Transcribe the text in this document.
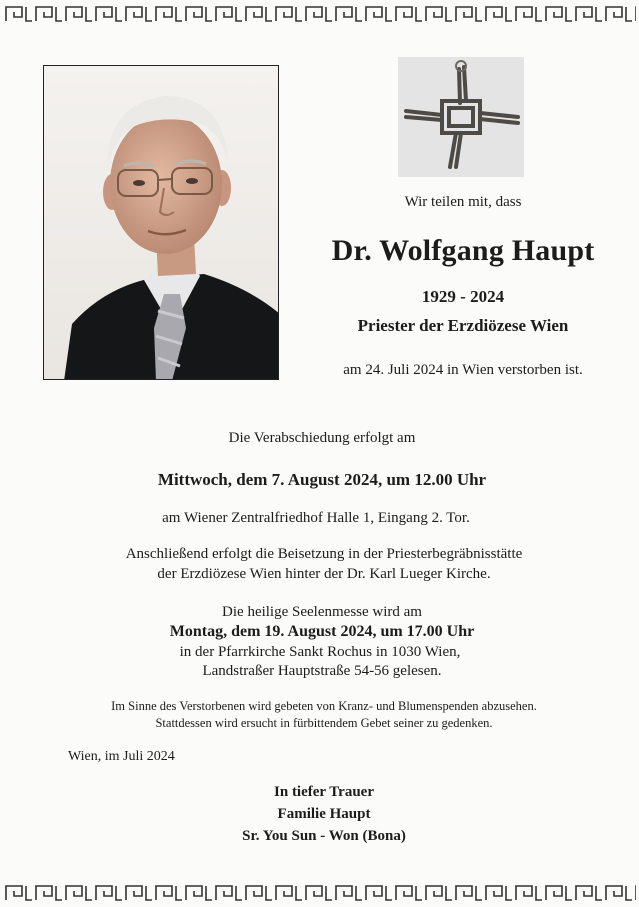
Wir teilen mit, dass
Dr. Wolfgang Haupt
1929 - 2024
Priester der Erzdiözese Wien
am 24. Juli 2024 in Wien verstorben ist.
Die Verabschiedung erfolgt am
Mittwoch, dem 7. August 2024, um 12.00 Uhr
am Wiener Zentralfriedhof Halle 1, Eingang 2. Tor.
Anschließend erfolgt die Beisetzung in der Priesterbegräbnisstätte
der Erzdiözese Wien hinter der Dr. Karl Lueger Kirche.
Die heilige Seelenmesse wird am
Montag, dem 19. August 2024, um 17.00 Uhr
in der Pfarrkirche Sankt Rochus in 1030 Wien,
Landstraßer Hauptstraße 54-56 gelesen.
Im Sinne des Verstorbenen wird gebeten von Kranz- und Blumenspenden abzusehen.
Stattdessen wird ersucht in fürbittendem Gebet seiner zu gedenken.
Wien, im Juli 2024
In tiefer Trauer
Familie Haupt
Sr. You Sun - Won (Bona)
